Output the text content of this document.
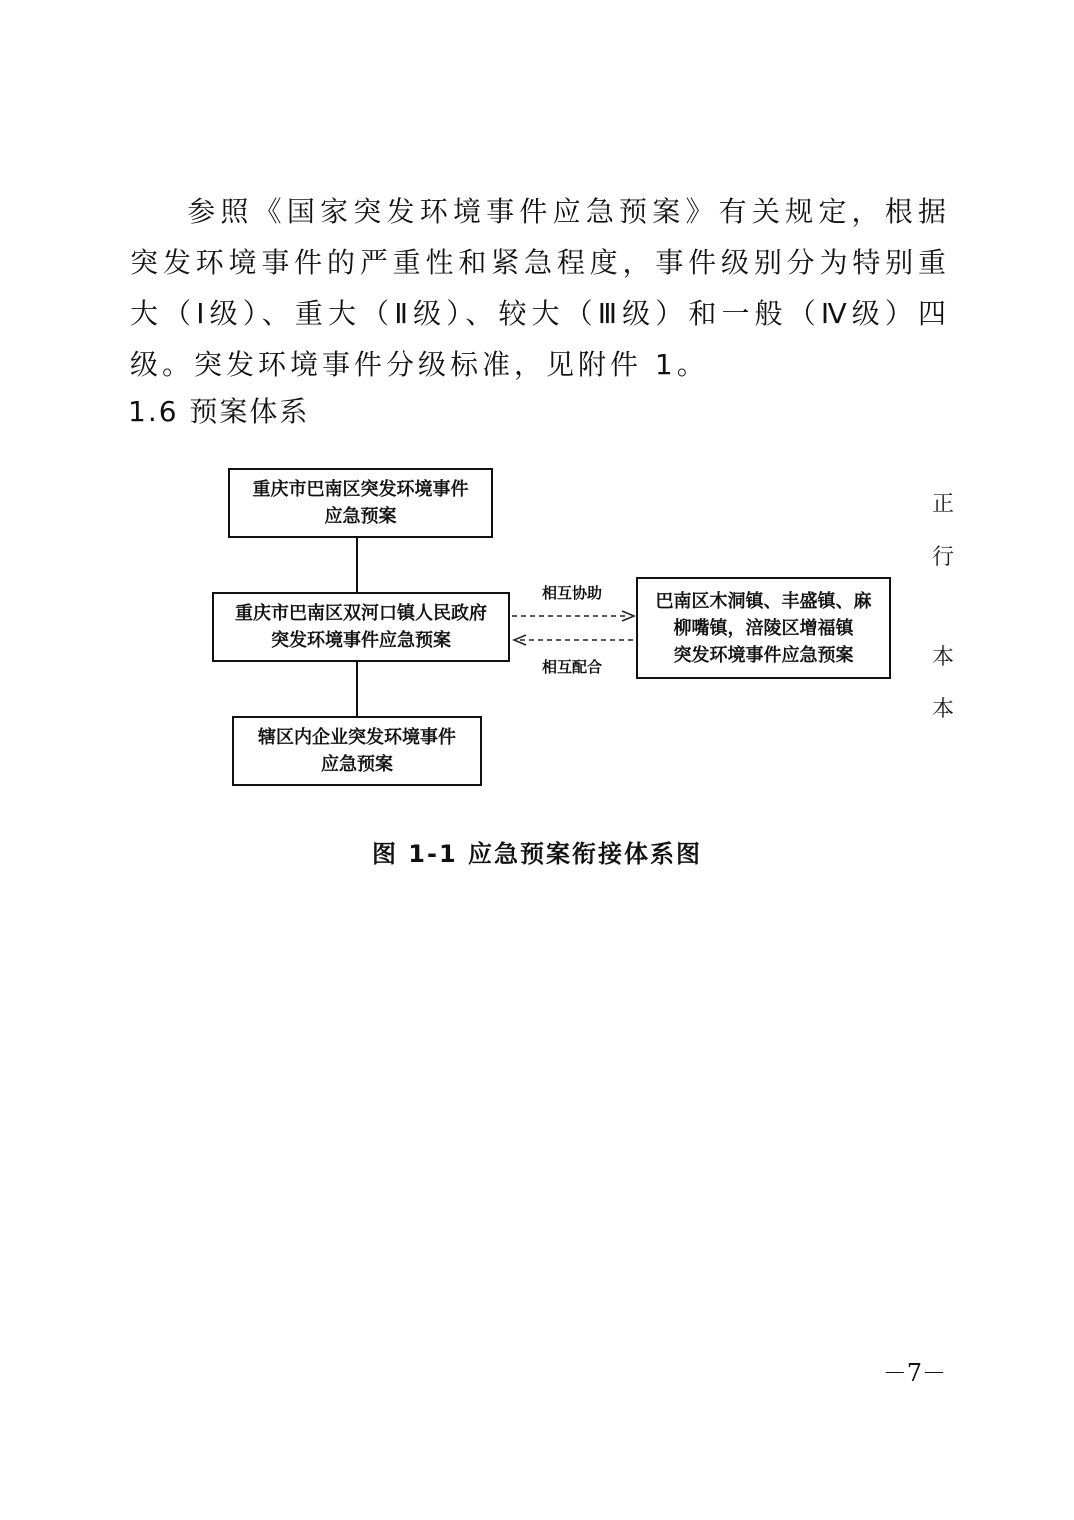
参照《国家突发环境事件应急预案》有关规定，根据突发环境事件的严重性和紧急程度，事件级别分为特别重大（Ⅰ级）、重大（Ⅱ级）、较大（Ⅲ级）和一般（Ⅳ级）四级。突发环境事件分级标准，见附件 1。

1.6 预案体系

重庆市巴南区突发环境事件
应急预案
重庆市巴南区双河口镇人民政府
突发环境事件应急预案
辖区内企业突发环境事件
应急预案
巴南区木洞镇、丰盛镇、麻
柳嘴镇，涪陵区增福镇
突发环境事件应急预案
相互协助
相互配合
正
行
本
本
图 1-1 应急预案衔接体系图
－7－
